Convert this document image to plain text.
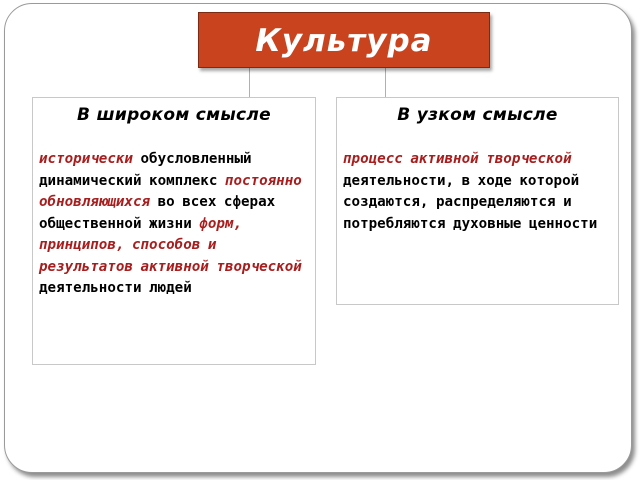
Культура
В широком смысле
исторически обусловленный динамический комплекс постоянно обновляющихся во всех сферах общественной жизни форм, принципов, способов и результатов активной творческой деятельности людей
В узком смысле
процесс активной творческой деятельности, в ходе которой создаются, распределяются и потребляются духовные ценности
